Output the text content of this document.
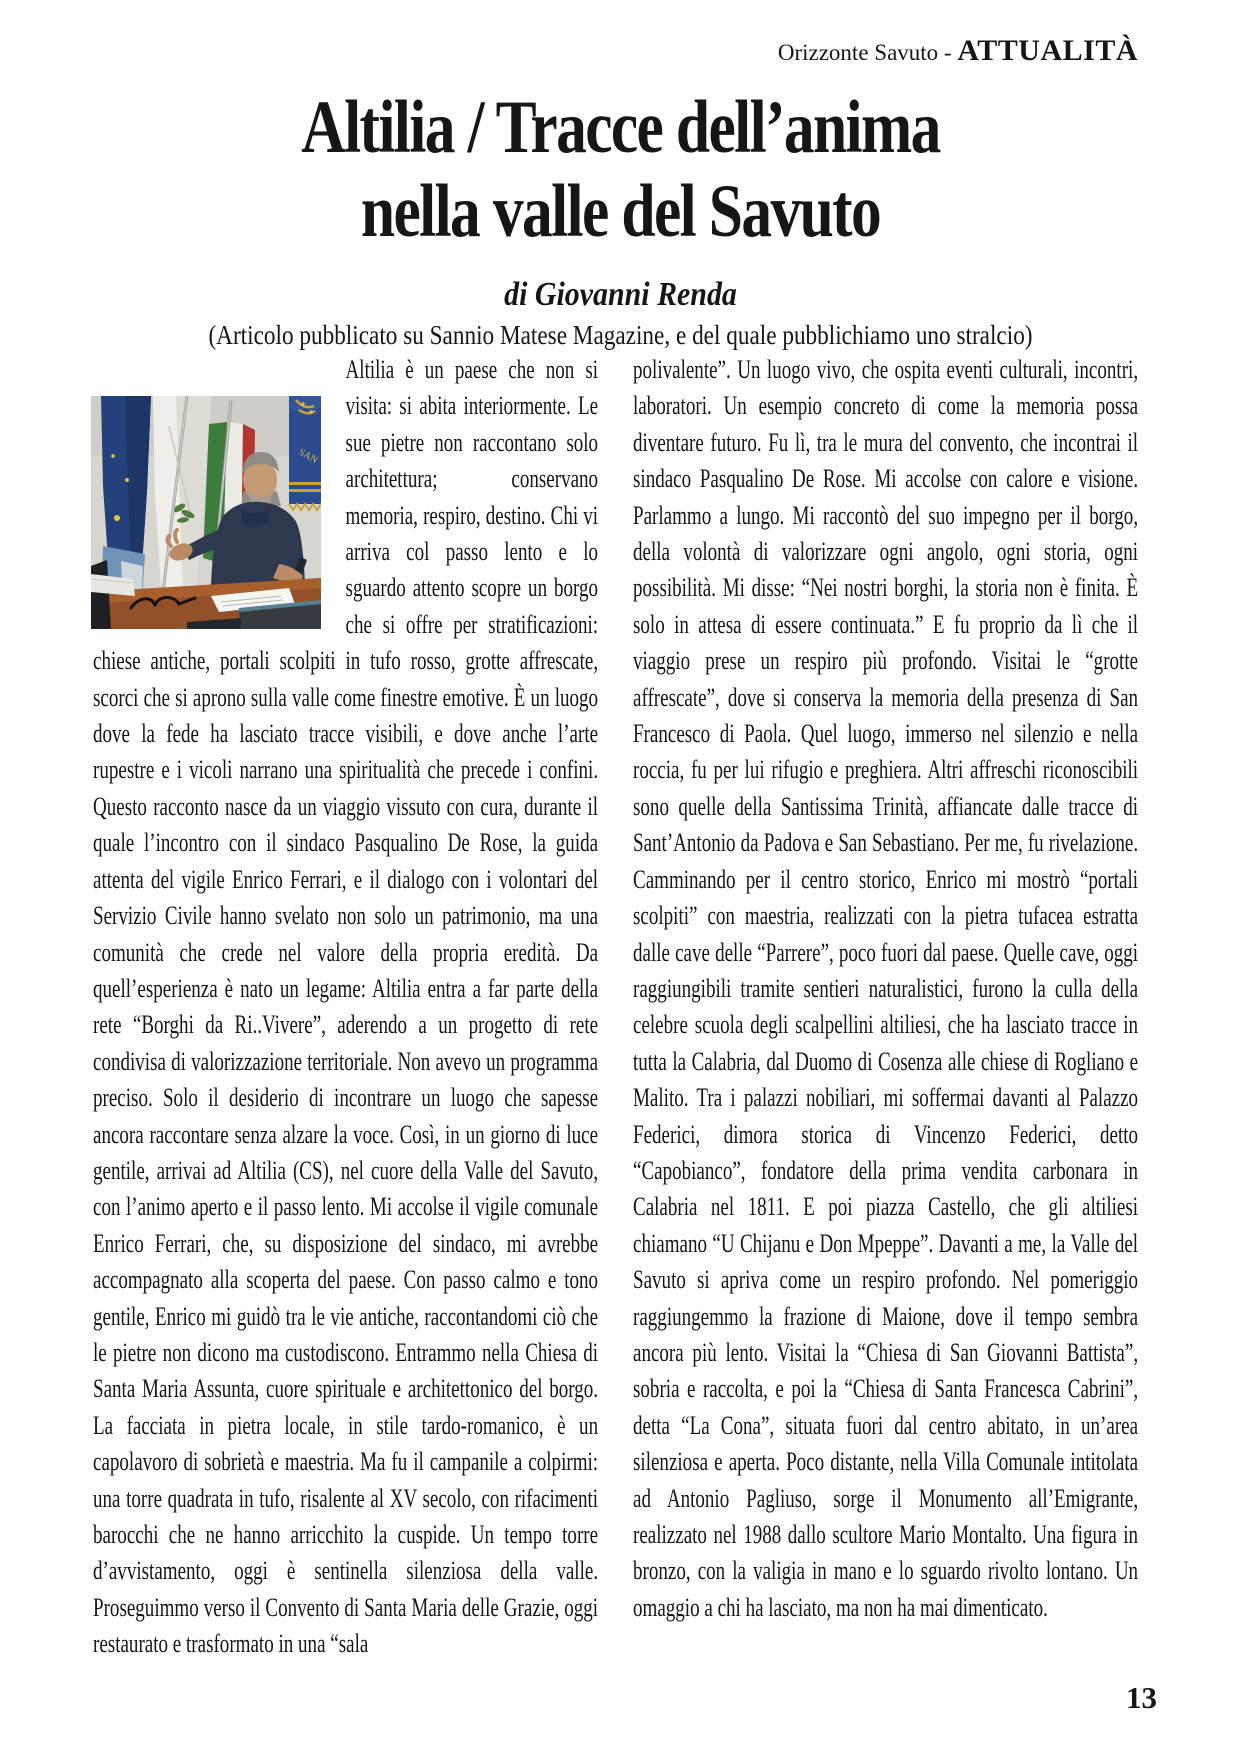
Orizzonte Savuto - ATTUALITÀ
Altilia / Tracce dell’anima
nella valle del Savuto
di Giovanni Renda
(Articolo pubblicato su Sannio Matese Magazine, e del quale pubblichiamo uno stralcio)
SAN
Altilia è un paese che non si visita: si abita interiormente. Le sue pietre non raccontano solo architettura; conservano memoria, respiro, destino. Chi vi arriva col passo lento e lo sguardo attento scopre un borgo che si offre per stratificazioni: chiese antiche, portali scolpiti in tufo rosso, grotte affrescate, scorci che si aprono sulla valle come finestre emotive. È un luogo dove la fede ha lasciato tracce visibili, e dove anche l’arte rupestre e i vicoli narrano una spiritualità che precede i confini. Questo racconto nasce da un viaggio vissuto con cura, durante il quale l’incontro con il sindaco Pasqualino De Rose, la guida attenta del vigile Enrico Ferrari, e il dialogo con i volontari del Servizio Civile hanno svelato non solo un patrimonio, ma una comunità che crede nel valore della propria eredità. Da quell’esperienza è nato un legame: Altilia entra a far parte della rete “Borghi da Ri..Vivere”, aderendo a un progetto di rete condivisa di valorizzazione territoriale. Non avevo un programma preciso. Solo il desiderio di incontrare un luogo che sapesse ancora raccontare senza alzare la voce. Così, in un giorno di luce gentile, arrivai ad Altilia (CS), nel cuore della Valle del Savuto, con l’animo aperto e il passo lento. Mi accolse il vigile comunale Enrico Ferrari, che, su disposizione del sindaco, mi avrebbe accompagnato alla scoperta del paese. Con passo calmo e tono gentile, Enrico mi guidò tra le vie antiche, raccontandomi ciò che le pietre non dicono ma custodiscono. Entrammo nella Chiesa di Santa Maria Assunta, cuore spirituale e architettonico del borgo. La facciata in pietra locale, in stile tardo-romanico, è un capolavoro di sobrietà e maestria. Ma fu il campanile a colpirmi: una torre quadrata in tufo, risalente al XV secolo, con rifacimenti barocchi che ne hanno arricchito la cuspide. Un tempo torre d’avvistamento, oggi è sentinella silenziosa della valle. Proseguimmo verso il Convento di Santa Maria delle Grazie, oggi restaurato e trasformato in una “sala
polivalente”. Un luogo vivo, che ospita eventi culturali, incontri, laboratori. Un esempio concreto di come la memoria possa diventare futuro. Fu lì, tra le mura del convento, che incontrai il sindaco Pasqualino De Rose. Mi accolse con calore e visione. Parlammo a lungo. Mi raccontò del suo impegno per il borgo, della volontà di valorizzare ogni angolo, ogni storia, ogni possibilità. Mi disse: “Nei nostri borghi, la storia non è finita. È solo in attesa di essere continuata.” E fu proprio da lì che il viaggio prese un respiro più profondo. Visitai le “grotte affrescate”, dove si conserva la memoria della presenza di San Francesco di Paola. Quel luogo, immerso nel silenzio e nella roccia, fu per lui rifugio e preghiera. Altri affreschi riconoscibili sono quelle della Santissima Trinità, affiancate dalle tracce di Sant’Antonio da Padova e San Sebastiano. Per me, fu rivelazione. Camminando per il centro storico, Enrico mi mostrò “portali scolpiti” con maestria, realizzati con la pietra tufacea estratta dalle cave delle “Parrere”, poco fuori dal paese. Quelle cave, oggi raggiungibili tramite sentieri naturalistici, furono la culla della celebre scuola degli scalpellini altiliesi, che ha lasciato tracce in tutta la Calabria, dal Duomo di Cosenza alle chiese di Rogliano e Malito. Tra i palazzi nobiliari, mi soffermai davanti al Palazzo Federici, dimora storica di Vincenzo Federici, detto “Capobianco”, fondatore della prima vendita carbonara in Calabria nel 1811. E poi piazza Castello, che gli altiliesi chiamano “U Chijanu e Don Mpeppe”. Davanti a me, la Valle del Savuto si apriva come un respiro profondo. Nel pomeriggio raggiungemmo la frazione di Maione, dove il tempo sembra ancora più lento. Visitai la “Chiesa di San Giovanni Battista”, sobria e raccolta, e poi la “Chiesa di Santa Francesca Cabrini”, detta “La Cona”, situata fuori dal centro abitato, in un’area silenziosa e aperta. Poco distante, nella Villa Comunale intitolata ad Antonio Pagliuso, sorge il Monumento all’Emigrante, realizzato nel 1988 dallo scultore Mario Montalto. Una figura in bronzo, con la valigia in mano e lo sguardo rivolto lontano. Un omaggio a chi ha lasciato, ma non ha mai dimenticato.
13
